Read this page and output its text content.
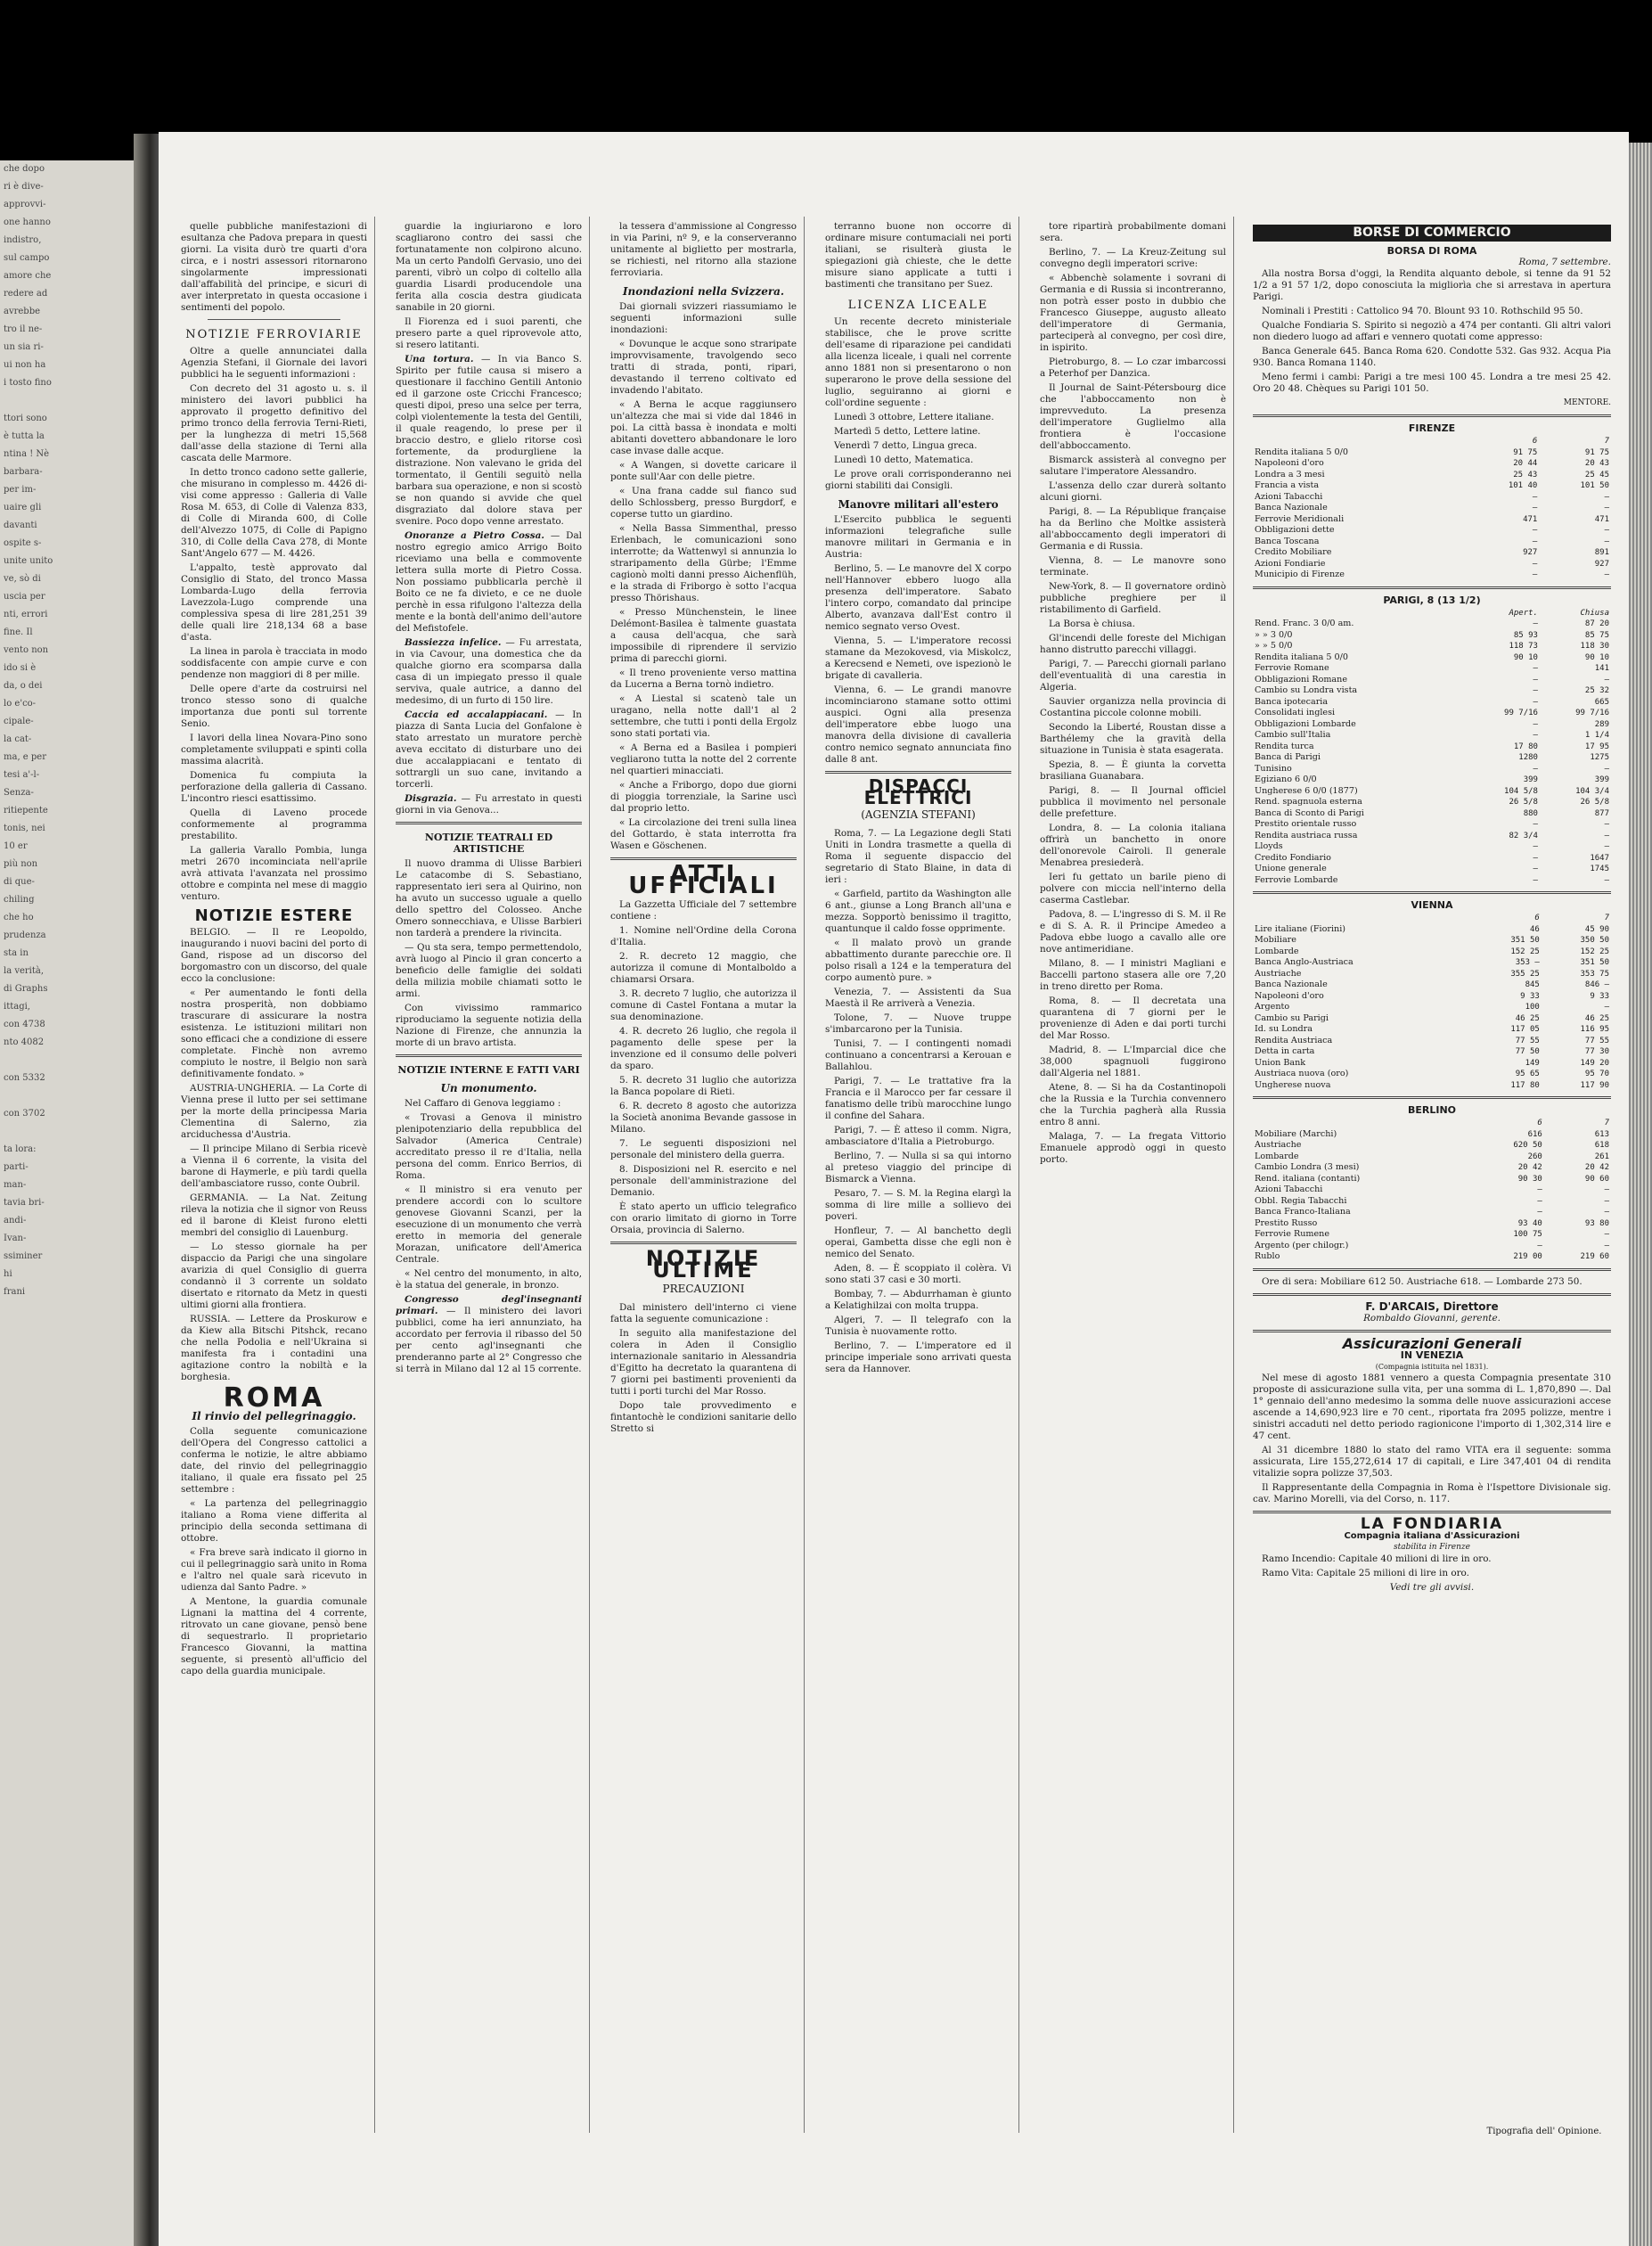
che dopo
ri è dive-
approvvi-
one hanno
indistro,
sul campo
amore che
redere ad
avrebbe
tro il ne-
un sia ri-
ui non ha
i tosto fino

ttori sono
è tutta la
ntina ! Nè
barbara-
per im-
uaire gli
davanti
ospite s-
unite unito
ve, sò di
uscia per
nti, errori
fine. Il
vento non
ido si è
da, o dei
lo e'co-
cipale-
la cat-
ma, e per
tesi a'-l-
Senza-
ritiepente
tonis, nei
10 er
più non
di que-
chiling
che ho
prudenza
sta in
la verità,
di Graphs
ittagi,
con 4738
nto 4082

con 5332

con 3702

ta lora:
parti-
man-
tavia bri-
andi-
Ivan-
ssiminer
hi
frani

quelle pubbliche manifestazioni di esultanza che Padova prepara in questi giorni. La visita durò tre quarti d'ora circa, e i nostri assessori ritornarono singolarmente impressionati dall'affabilità del principe, e sicuri di aver interpretato in questa occasione i sentimenti del popolo.

NOTIZIE FERROVIARIE

Oltre a quelle annunciatei dalla Agenzia Stefani, il Giornale dei lavori pubblici ha le seguenti informazioni :

Con decreto del 31 agosto u. s. il ministero dei lavori pubblici ha approvato il progetto definitivo del primo tronco della ferrovia Terni-Rieti, per la lunghezza di metri 15,568 dall'asse della stazione di Terni alla cascata delle Marmore.

In detto tronco cadono sette gallerie, che misurano in complesso m. 4426 di-visi come appresso : Galleria di Valle Rosa M. 653, di Colle di Valenza 833, di Colle di Miranda 600, di Colle dell'Alvezzo 1075, di Colle di Papigno 310, di Colle della Cava 278, di Monte Sant'Angelo 677 — M. 4426.

L'appalto, testè approvato dal Consiglio di Stato, del tronco Massa Lombarda-Lugo della ferrovia Lavezzola-Lugo comprende una complessiva spesa di lire 281,251 39 delle quali lire 218,134 68 a base d'asta.

La linea in parola è tracciata in modo soddisfacente con ampie curve e con pendenze non maggiori di 8 per mille.

Delle opere d'arte da costruirsi nel tronco stesso sono di qualche importanza due ponti sul torrente Senio.

I lavori della linea Novara-Pino sono completamente sviluppati e spinti colla massima alacrità.

Domenica fu compiuta la perforazione della galleria di Cassano. L'incontro riesci esattissimo.

Quella di Laveno procede conformemente al programma prestabilito.

La galleria Varallo Pombia, lunga metri 2670 incominciata nell'aprile avrà attivata l'avanzata nel prossimo ottobre e compinta nel mese di maggio venturo.

NOTIZIE ESTERE

BELGIO. — Il re Leopoldo, inaugurando i nuovi bacini del porto di Gand, rispose ad un discorso del borgomastro con un discorso, del quale ecco la conclusione:

« Per aumentando le fonti della nostra prosperità, non dobbiamo trascurare di assicurare la nostra esistenza. Le istituzioni militari non sono efficaci che a condizione di essere completate. Finchè non avremo compiuto le nostre, il Belgio non sarà definitivamente fondato. »

AUSTRIA-UNGHERIA. — La Corte di Vienna prese il lutto per sei settimane per la morte della principessa Maria Clementina di Salerno, zia arciduchessa d'Austria.

— Il principe Milano di Serbia ricevè a Vienna il 6 corrente, la visita del barone di Haymerle, e più tardi quella dell'ambasciatore russo, conte Oubril.

GERMANIA. — La Nat. Zeitung rileva la notizia che il signor von Reuss ed il barone di Kleist furono eletti membri del consiglio di Lauenburg.

— Lo stesso giornale ha per dispaccio da Parigi che una singolare avarizia di quel Consiglio di guerra condannò il 3 corrente un soldato disertato e ritornato da Metz in questi ultimi giorni alla frontiera.

RUSSIA. — Lettere da Proskurow e da Kiew alla Bitschi Pitshck, recano che nella Podolia e nell'Ukraina si manifesta fra i contadini una agitazione contro la nobiltà e la borghesia.

ROMA
Il rinvio del pellegrinaggio.

Colla seguente comunicazione dell'Opera del Congresso cattolici a conferma le notizie, le altre abbiamo date, del rinvio del pellegrinaggio italiano, il quale era fissato pel 25 settembre :

« La partenza del pellegrinaggio italiano a Roma viene differita al principio della seconda settimana di ottobre.

« Fra breve sarà indicato il giorno in cui il pellegrinaggio sarà unito in Roma e l'altro nel quale sarà ricevuto in udienza dal Santo Padre. »

A Mentone, la guardia comunale Lignani la mattina del 4 corrente, ritrovato un cane giovane, pensò bene di sequestrarlo. Il proprietario Francesco Giovanni, la mattina seguente, si presentò all'ufficio del capo della guardia municipale.

guardie la ingiuriarono e loro scagliarono contro dei sassi che fortunatamente non colpirono alcuno. Ma un certo Pandolfi Gervasio, uno dei parenti, vibrò un colpo di coltello alla guardia Lisardi producendole una ferita alla coscia destra giudicata sanabile in 20 giorni.

Il Fiorenza ed i suoi parenti, che presero parte a quel riprovevole atto, si resero latitanti.

Una tortura. — In via Banco S. Spirito per futile causa si misero a questionare il facchino Gentili Antonio ed il garzone oste Cricchi Francesco; questi dipoi, preso una selce per terra, colpì violentemente la testa del Gentili, il quale reagendo, lo prese per il braccio destro, e glielo ritorse così fortemente, da produrgliene la distrazione. Non valevano le grida del tormentato, il Gentili seguitò nella barbara sua operazione, e non si scostò se non quando si avvide che quel disgraziato dal dolore stava per svenire. Poco dopo venne arrestato.

Onoranze a Pietro Cossa. — Dal nostro egregio amico Arrigo Boito riceviamo una bella e commovente lettera sulla morte di Pietro Cossa. Non possiamo pubblicarla perchè il Boito ce ne fa divieto, e ce ne duole perchè in essa rifulgono l'altezza della mente e la bontà dell'animo dell'autore del Mefistofele.

Bassiezza infelice. — Fu arrestata, in via Cavour, una domestica che da qualche giorno era scomparsa dalla casa di un impiegato presso il quale serviva, quale autrice, a danno del medesimo, di un furto di 150 lire.

Caccia ed accalappiacani. — In piazza di Santa Lucia del Gonfalone è stato arrestato un muratore perchè aveva eccitato di disturbare uno dei due accalappiacani e tentato di sottrargli un suo cane, invitando a torcerli.

Disgrazia. — Fu arrestato in questi giorni in via Genova...

NOTIZIE TEATRALI ED ARTISTICHE

Il nuovo dramma di Ulisse Barbieri Le catacombe di S. Sebastiano, rappresentato ieri sera al Quirino, non ha avuto un successo uguale a quello dello spettro del Colosseo. Anche Omero sonnecchiava, e Ulisse Barbieri non tarderà a prendere la rivincita.

— Qu sta sera, tempo permettendolo, avrà luogo al Pincio il gran concerto a beneficio delle famiglie dei soldati della milizia mobile chiamati sotto le armi.

Con vivissimo rammarico riproduciamo la seguente notizia della Nazione di Firenze, che annunzia la morte di un bravo artista.

NOTIZIE INTERNE E FATTI VARI
Un monumento.

Nel Caffaro di Genova leggiamo :

« Trovasi a Genova il ministro plenipotenziario della repubblica del Salvador (America Centrale) accreditato presso il re d'Italia, nella persona del comm. Enrico Berrios, di Roma.

« Il ministro si era venuto per prendere accordi con lo scultore genovese Giovanni Scanzi, per la esecuzione di un monumento che verrà eretto in memoria del generale Morazan, unificatore dell'America Centrale.

« Nel centro del monumento, in alto, è la statua del generale, in bronzo.

Congresso degl'insegnanti primari. — Il ministero dei lavori pubblici, come ha ieri annunziato, ha accordato per ferrovia il ribasso del 50 per cento agl'insegnanti che prenderanno parte al 2° Congresso che si terrà in Milano dal 12 al 15 corrente.

la tessera d'ammissione al Congresso in via Parini, nº 9, e la conserveranno unitamente al biglietto per mostrarla, se richiesti, nel ritorno alla stazione ferroviaria.

Inondazioni nella Svizzera.

Dai giornali svizzeri riassumiamo le seguenti informazioni sulle inondazioni:

« Dovunque le acque sono straripate improvvisamente, travolgendo seco tratti di strada, ponti, ripari, devastando il terreno coltivato ed invadendo l'abitato.

« A Berna le acque raggiunsero un'altezza che mai si vide dal 1846 in poi. La città bassa è inondata e molti abitanti dovettero abbandonare le loro case invase dalle acque.

« A Wangen, si dovette caricare il ponte sull'Aar con delle pietre.

« Una frana cadde sul fianco sud dello Schlossberg, presso Burgdorf, e coperse tutto un giardino.

« Nella Bassa Simmenthal, presso Erlenbach, le comunicazioni sono interrotte; da Wattenwyl si annunzia lo straripamento della Gürbe; l'Emme cagionò molti danni presso Aichenflüh, e la strada di Friborgo è sotto l'acqua presso Thörishaus.

« Presso Münchenstein, le linee Delémont-Basilea è talmente guastata a causa dell'acqua, che sarà impossibile di riprendere il servizio prima di parecchi giorni.

« Il treno proveniente verso mattina da Lucerna a Berna tornò indietro.

« A Liestal si scatenò tale un uragano, nella notte dall'1 al 2 settembre, che tutti i ponti della Ergolz sono stati portati via.

« A Berna ed a Basilea i pompieri vegliarono tutta la notte del 2 corrente nel quartieri minacciati.

« Anche a Friborgo, dopo due giorni di pioggia torrenziale, la Sarine uscì dal proprio letto.

« La circolazione dei treni sulla linea del Gottardo, è stata interrotta fra Wasen e Göschenen.

ATTI UFFICIALI

La Gazzetta Ufficiale del 7 settembre contiene :

1. Nomine nell'Ordine della Corona d'Italia.

2. R. decreto 12 maggio, che autorizza il comune di Montalboldo a chiamarsi Orsara.

3. R. decreto 7 luglio, che autorizza il comune di Castel Fontana a mutar la sua denominazione.

4. R. decreto 26 luglio, che regola il pagamento delle spese per la invenzione ed il consumo delle polveri da sparo.

5. R. decreto 31 luglio che autorizza la Banca popolare di Rieti.

6. R. decreto 8 agosto che autorizza la Società anonima Bevande gassose in Milano.

7. Le seguenti disposizioni nel personale del ministero della guerra.

8. Disposizioni nel R. esercito e nel personale dell'amministrazione del Demanio.

È stato aperto un ufficio telegrafico con orario limitato di giorno in Torre Orsaia, provincia di Salerno.

NOTIZIE ULTIME
PRECAUZIONI

Dal ministero dell'interno ci viene fatta la seguente comunicazione :

In seguito alla manifestazione del colera in Aden il Consiglio internazionale sanitario in Alessandria d'Egitto ha decretato la quarantena di 7 giorni pei bastimenti provenienti da tutti i porti turchi del Mar Rosso.

Dopo tale provvedimento e fintantochè le condizioni sanitarie dello Stretto si

terranno buone non occorre di ordinare misure contumaciali nei porti italiani, se risulterà giusta le spiegazioni già chieste, che le dette misure siano applicate a tutti i bastimenti che transitano per Suez.

LICENZA LICEALE

Un recente decreto ministeriale stabilisce, che le prove scritte dell'esame di riparazione pei candidati alla licenza liceale, i quali nel corrente anno 1881 non si presentarono o non superarono le prove della sessione del luglio, seguiranno ai giorni e coll'ordine seguente :

Lunedì 3 ottobre, Lettere italiane.

Martedì 5 detto, Lettere latine.

Venerdì 7 detto, Lingua greca.

Lunedì 10 detto, Matematica.

Le prove orali corrisponderanno nei giorni stabiliti dai Consigli.

Manovre militari all'estero

L'Esercito pubblica le seguenti informazioni telegrafiche sulle manovre militari in Germania e in Austria:

Berlino, 5. — Le manovre del X corpo nell'Hannover ebbero luogo alla presenza dell'imperatore. Sabato l'intero corpo, comandato dal principe Alberto, avanzava dall'Est contro il nemico segnato verso Ovest.

Vienna, 5. — L'imperatore recossi stamane da Mezokovesd, via Miskolcz, a Kerecsend e Nemeti, ove ispezionò le brigate di cavalleria.

Vienna, 6. — Le grandi manovre incominciarono stamane sotto ottimi auspici. Ogni alla presenza dell'imperatore ebbe luogo una manovra della divisione di cavalleria contro nemico segnato annunciata fino dalle 8 ant.

DISPACCI ELETTRICI
(AGENZIA STEFANI)

Roma, 7. — La Legazione degli Stati Uniti in Londra trasmette a quella di Roma il seguente dispaccio del segretario di Stato Blaine, in data di ieri :

« Garfield, partito da Washington alle 6 ant., giunse a Long Branch all'una e mezza. Sopportò benissimo il tragitto, quantunque il caldo fosse opprimente.

« Il malato provò un grande abbattimento durante parecchie ore. Il polso risalì a 124 e la temperatura del corpo aumentò pure. »

Venezia, 7. — Assistenti da Sua Maestà il Re arriverà a Venezia.

Tolone, 7. — Nuove truppe s'imbarcarono per la Tunisia.

Tunisi, 7. — I contingenti nomadi continuano a concentrarsi a Kerouan e Ballahlou.

Parigi, 7. — Le trattative fra la Francia e il Marocco per far cessare il fanatismo delle tribù marocchine lungo il confine del Sahara.

Parigi, 7. — È atteso il comm. Nigra, ambasciatore d'Italia a Pietroburgo.

Berlino, 7. — Nulla si sa qui intorno al preteso viaggio del principe di Bismarck a Vienna.

Pesaro, 7. — S. M. la Regina elargì la somma di lire mille a sollievo dei poveri.

Honfleur, 7. — Al banchetto degli operai, Gambetta disse che egli non è nemico del Senato.

Aden, 8. — È scoppiato il colèra. Vi sono stati 37 casi e 30 morti.

Bombay, 7. — Abdurrhaman è giunto a Kelatighilzai con molta truppa.

Algeri, 7. — Il telegrafo con la Tunisia è nuovamente rotto.

Berlino, 7. — L'imperatore ed il principe imperiale sono arrivati questa sera da Hannover.

tore ripartirà probabilmente domani sera.

Berlino, 7. — La Kreuz-Zeitung sul convegno degli imperatori scrive:

« Abbenchè solamente i sovrani di Germania e di Russia si incontreranno, non potrà esser posto in dubbio che Francesco Giuseppe, augusto alleato dell'imperatore di Germania, parteciperà al convegno, per così dire, in ispirito.

Pietroburgo, 8. — Lo czar imbarcossi a Peterhof per Danzica.

Il Journal de Saint-Pétersbourg dice che l'abboccamento non è imprevveduto. La presenza dell'imperatore Guglielmo alla frontiera è l'occasione dell'abboccamento.

Bismarck assisterà al convegno per salutare l'imperatore Alessandro.

L'assenza dello czar durerà soltanto alcuni giorni.

Parigi, 8. — La République française ha da Berlino che Moltke assisterà all'abboccamento degli imperatori di Germania e di Russia.

Vienna, 8. — Le manovre sono terminate.

New-York, 8. — Il governatore ordinò pubbliche preghiere per il ristabilimento di Garfield.

La Borsa è chiusa.

Gl'incendi delle foreste del Michigan hanno distrutto parecchi villaggi.

Parigi, 7. — Parecchi giornali parlano dell'eventualità di una carestia in Algeria.

Sauvier organizza nella provincia di Costantina piccole colonne mobili.

Secondo la Liberté, Roustan disse a Barthélemy che la gravità della situazione in Tunisia è stata esagerata.

Spezia, 8. — È giunta la corvetta brasiliana Guanabara.

Parigi, 8. — Il Journal officiel pubblica il movimento nel personale delle prefetture.

Londra, 8. — La colonia italiana offrirà un banchetto in onore dell'onorevole Cairoli. Il generale Menabrea presiederà.

Ieri fu gettato un barile pieno di polvere con miccia nell'interno della caserma Castlebar.

Padova, 8. — L'ingresso di S. M. il Re e di S. A. R. il Principe Amedeo a Padova ebbe luogo a cavallo alle ore nove antimeridiane.

Milano, 8. — I ministri Magliani e Baccelli partono stasera alle ore 7,20 in treno diretto per Roma.

Roma, 8. — Il decretata una quarantena di 7 giorni per le provenienze di Aden e dai porti turchi del Mar Rosso.

Madrid, 8. — L'Imparcial dice che 38,000 spagnuoli fuggirono dall'Algeria nel 1881.

Atene, 8. — Si ha da Costantinopoli che la Russia e la Turchia convennero che la Turchia pagherà alla Russia entro 8 anni.

Malaga, 7. — La fregata Vittorio Emanuele approdò oggi in questo porto.

BORSE DI COMMERCIO
BORSA DI ROMA
Roma, 7 settembre.

Alla nostra Borsa d'oggi, la Rendita alquanto debole, si tenne da 91 52 1/2 a 91 57 1/2, dopo conosciuta la migliorìa che si arrestava in apertura Parigi.

Nominali i Prestiti : Cattolico 94 70. Blount 93 10. Rothschild 95 50.

Qualche Fondiaria S. Spirito si negoziò a 474 per contanti. Gli altri valori non diedero luogo ad affari e vennero quotati come appresso:

Banca Generale 645. Banca Roma 620. Condotte 532. Gas 932. Acqua Pia 930. Banca Romana 1140.

Meno fermi i cambi: Parigi a tre mesi 100 45. Londra a tre mesi 25 42. Oro 20 48. Chèques su Parigi 101 50.

MENTORE.
FIRENZE
	6	7
Rendita italiana 5 0/0	91 75	91 75
Napoleoni d'oro	20 44	20 43
Londra a 3 mesi	25 43	25 45
Francia a vista	101 40	101 50
Azioni Tabacchi	—	—
Banca Nazionale	—	—
Ferrovie Meridionali	471	471
Obbligazioni dette	—	—
Banca Toscana	—	—
Credito Mobiliare	927	891
Azioni Fondiarie	—	927
Municipio di Firenze	—	—
PARIGI, 8 (13 1/2)
	Apert.	Chiusa
Rend. Franc. 3 0/0 am.	—	87 20
» » 3 0/0	85 93	85 75
» » 5 0/0	118 73	118 30
Rendita italiana 5 0/0	90 10	90 10
Ferrovie Romane	—	141
Obbligazioni Romane	—	—
Cambio su Londra vista	—	25 32
Banca ipotecaria	—	665
Consolidati inglesi	99 7/16	99 7/16
Obbligazioni Lombarde	—	289
Cambio sull'Italia	—	1 1/4
Rendita turca	17 80	17 95
Banca di Parigi	1280	1275
Tunisino	—	—
Egiziano 6 0/0	399	399
Ungherese 6 0/0 (1877)	104 5/8	104 3/4
Rend. spagnuola esterna	26 5/8	26 5/8
Banca di Sconto di Parigi	880	877
Prestito orientale russo	—	—
Rendita austriaca russa	82 3/4	—
Lloyds	—	—
Credito Fondiario	—	1647
Unione generale	—	1745
Ferrovie Lombarde	—	—
VIENNA
	6	7
Lire italiane (Fiorini)	46	45 90
Mobiliare	351 50	350 50
Lombarde	152 25	152 25
Banca Anglo-Austriaca	353 —	351 50
Austriache	355 25	353 75
Banca Nazionale	845	846 —
Napoleoni d'oro	9 33	9 33
Argento	100	—
Cambio su Parigi	46 25	46 25
Id. su Londra	117 05	116 95
Rendita Austriaca	77 55	77 55
Detta in carta	77 50	77 30
Union Bank	149	149 20
Austriaca nuova (oro)	95 65	95 70
Ungherese nuova	117 80	117 90
BERLINO
	6	7
Mobiliare (Marchi)	616	613
Austriache	620 50	618
Lombarde	260	261
Cambio Londra (3 mesi)	20 42	20 42
Rend. italiana (contanti)	90 30	90 60
Azioni Tabacchi	—	—
Obbl. Regia Tabacchi	—	—
Banca Franco-Italiana	—	—
Prestito Russo	93 40	93 80
Ferrovie Rumene	100 75	—
Argento (per chilogr.)	—	—
Rublo	219 00	219 60

Ore di sera: Mobiliare 612 50. Austriache 618. — Lombarde 273 50.

F. D'ARCAIS, Direttore
Rombaldo Giovanni, gerente.
Assicurazioni Generali
IN VENEZIA
(Compagnia istituita nel 1831).

Nel mese di agosto 1881 vennero a questa Compagnia presentate 310 proposte di assicurazione sulla vita, per una somma di L. 1,870,890 —. Dal 1° gennaio dell'anno medesimo la somma delle nuove assicurazioni accese ascende a 14,690,923 lire e 70 cent., riportata fra 2095 polizze, mentre i sinistri accaduti nel detto periodo ragionicone l'importo di 1,302,314 lire e 47 cent.

Al 31 dicembre 1880 lo stato del ramo VITA era il seguente: somma assicurata, Lire 155,272,614 17 di capitali, e Lire 347,401 04 di rendita vitalizie sopra polizze 37,503.

Il Rappresentante della Compagnia in Roma è l'Ispettore Divisionale sig. cav. Marino Morelli, via del Corso, n. 117.

LA FONDIARIA
Compagnia italiana d'Assicurazioni
stabilita in Firenze

Ramo Incendio: Capitale 40 milioni di lire in oro.

Ramo Vita: Capitale 25 milioni di lire in oro.

Vedi tre gli avvisi.
Tipografia dell' Opinione.
